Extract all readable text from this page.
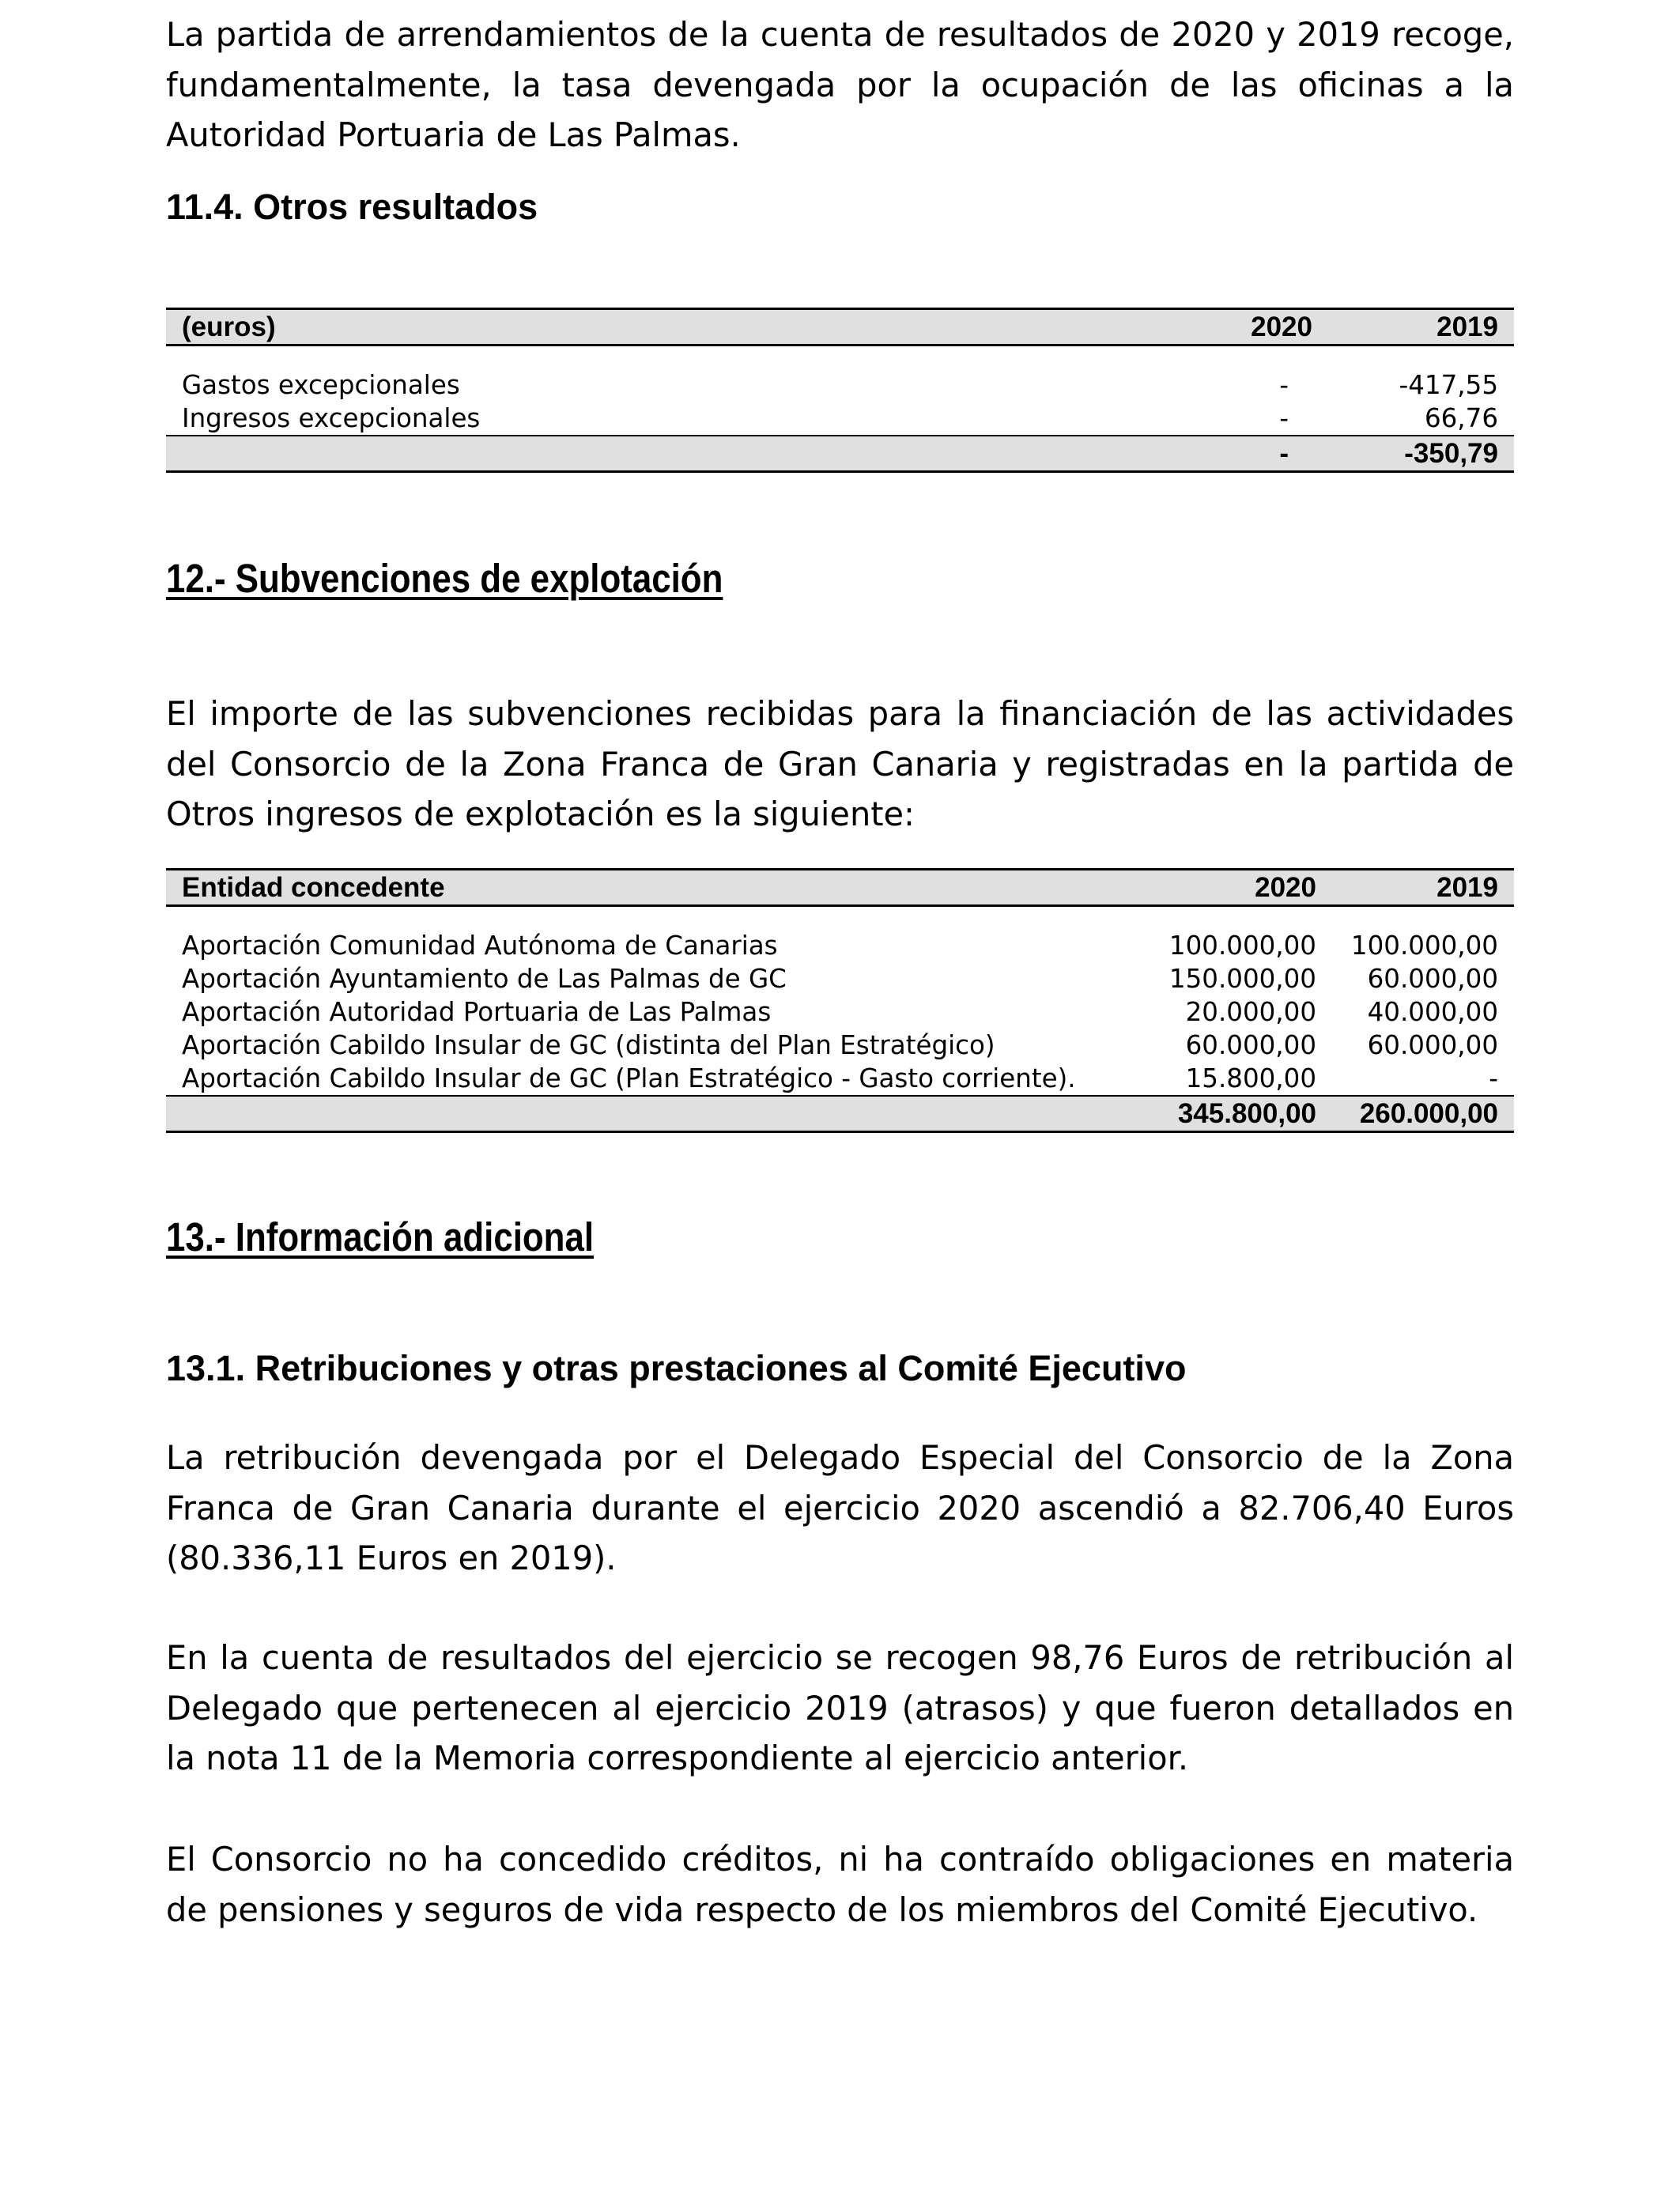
La partida de arrendamientos de la cuenta de resultados de 2020 y 2019 recoge, fundamentalmente, la tasa devengada por la ocupación de las oficinas a la Autoridad Portuaria de Las Palmas.

11.4. Otros resultados
(euros)	2020	2019

Gastos excepcionales	-	-417,55
Ingresos excepcionales	-	66,76
	-	-350,79
12.- Subvenciones de explotación

El importe de las subvenciones recibidas para la financiación de las actividades del Consorcio de la Zona Franca de Gran Canaria y registradas en la partida de Otros ingresos de explotación es la siguiente:

Entidad concedente	2020	2019

Aportación Comunidad Autónoma de Canarias	100.000,00	100.000,00
Aportación Ayuntamiento de Las Palmas de GC	150.000,00	60.000,00
Aportación Autoridad Portuaria de Las Palmas	20.000,00	40.000,00
Aportación Cabildo Insular de GC (distinta del Plan Estratégico)	60.000,00	60.000,00
Aportación Cabildo Insular de GC (Plan Estratégico - Gasto corriente).	15.800,00	-
	345.800,00	260.000,00
13.- Información adicional
13.1. Retribuciones y otras prestaciones al Comité Ejecutivo

La retribución devengada por el Delegado Especial del Consorcio de la Zona Franca de Gran Canaria durante el ejercicio 2020 ascendió a 82.706,40 Euros (80.336,11 Euros en 2019).

En la cuenta de resultados del ejercicio se recogen 98,76 Euros de retribución al Delegado que pertenecen al ejercicio 2019 (atrasos) y que fueron detallados en la nota 11 de la Memoria correspondiente al ejercicio anterior.

El Consorcio no ha concedido créditos, ni ha contraído obligaciones en materia de pensiones y seguros de vida respecto de los miembros del Comité Ejecutivo.
